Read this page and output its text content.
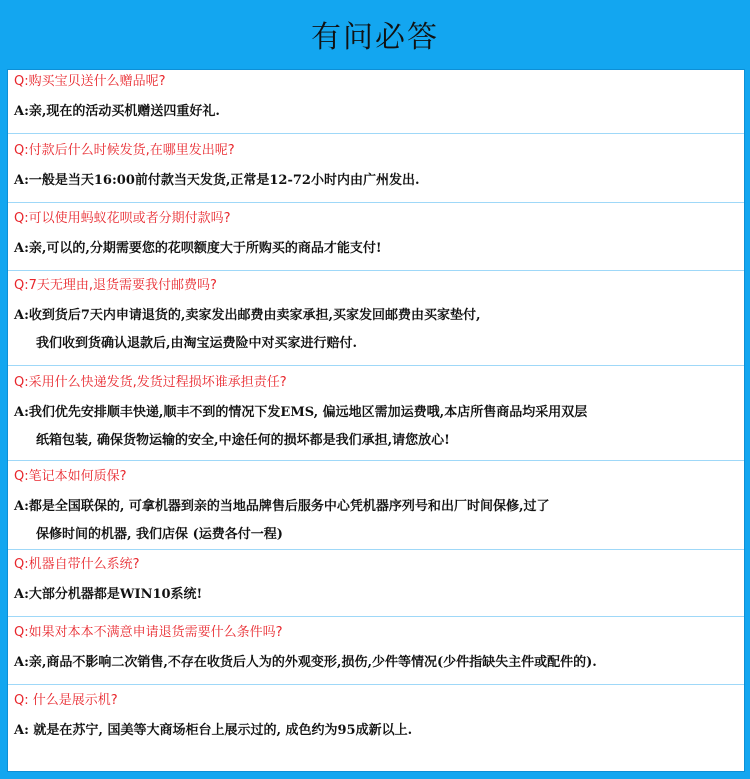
有问必答
Q:购买宝贝送什么赠品呢?
A:亲,现在的活动买机赠送四重好礼.
Q:付款后什么时候发货,在哪里发出呢?
A:一般是当天16:00前付款当天发货,正常是12-72小时内由广州发出.
Q:可以使用蚂蚁花呗或者分期付款吗?
A:亲,可以的,分期需要您的花呗额度大于所购买的商品才能支付!
Q:7天无理由,退货需要我付邮费吗?
A:收到货后7天内申请退货的,卖家发出邮费由卖家承担,买家发回邮费由买家垫付,
我们收到货确认退款后,由淘宝运费险中对买家进行赔付.
Q:采用什么快递发货,发货过程损坏谁承担责任?
A:我们优先安排顺丰快递,顺丰不到的情况下发EMS, 偏远地区需加运费哦,本店所售商品均采用双层
纸箱包装, 确保货物运输的安全,中途任何的损坏都是我们承担,请您放心!
Q:笔记本如何质保?
A:都是全国联保的, 可拿机器到亲的当地品牌售后服务中心凭机器序列号和出厂时间保修,过了
保修时间的机器, 我们店保 (运费各付一程)
Q:机器自带什么系统?
A:大部分机器都是WIN10系统!
Q:如果对本本不满意申请退货需要什么条件吗?
A:亲,商品不影响二次销售,不存在收货后人为的外观变形,损伤,少件等情况(少件指缺失主件或配件的).
Q: 什么是展示机?
A: 就是在苏宁, 国美等大商场柜台上展示过的, 成色约为95成新以上.
